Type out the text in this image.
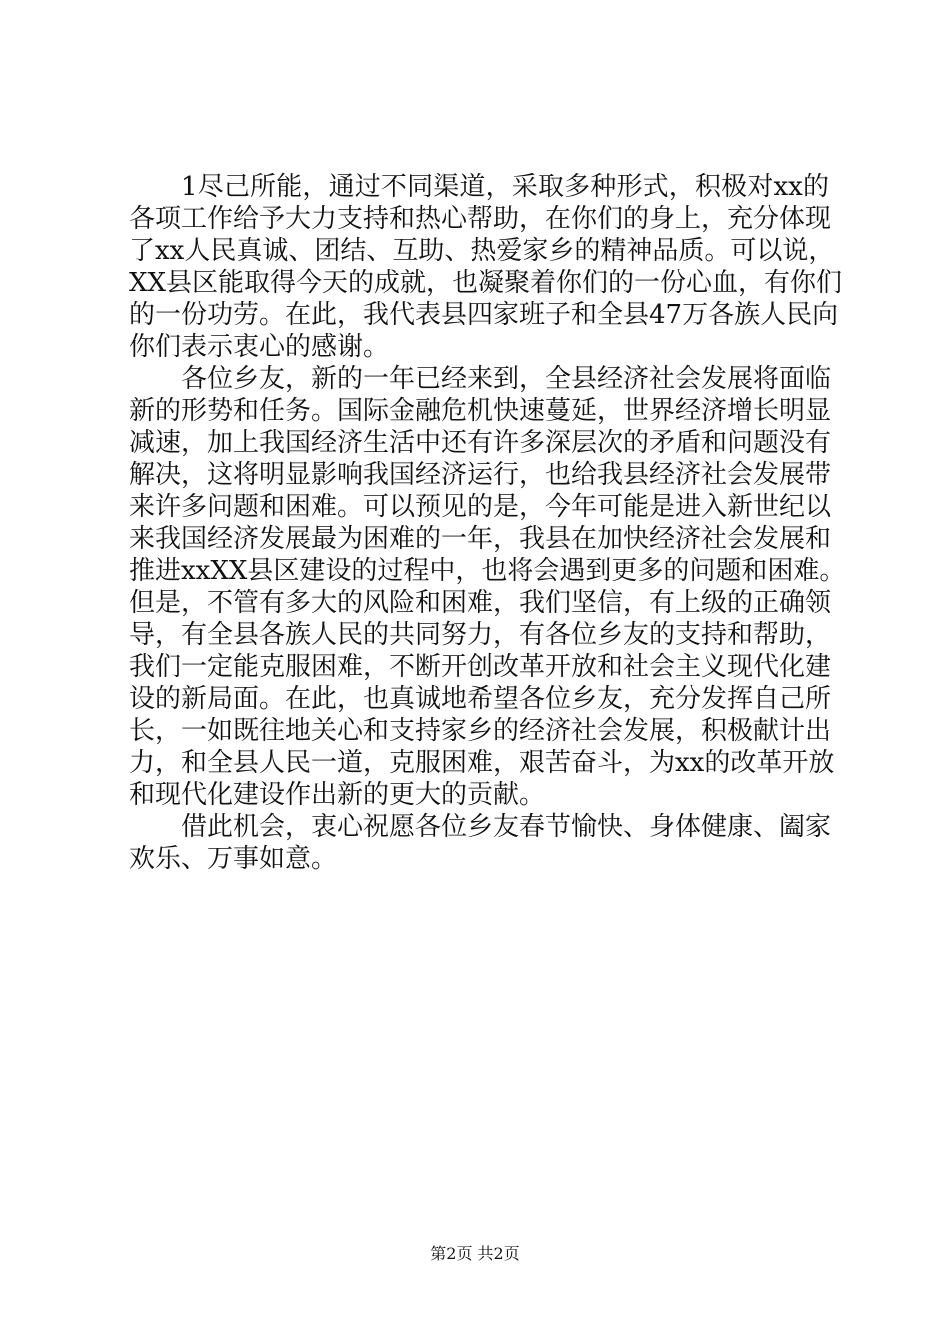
1尽己所能，通过不同渠道，采取多种形式，积极对xx的
各项工作给予大力支持和热心帮助，在你们的身上，充分体现
了xx人民真诚、团结、互助、热爱家乡的精神品质。可以说，
XX县区能取得今天的成就，也凝聚着你们的一份心血，有你们
的一份功劳。在此，我代表县四家班子和全县47万各族人民向
你们表示衷心的感谢。
各位乡友，新的一年已经来到，全县经济社会发展将面临
新的形势和任务。国际金融危机快速蔓延，世界经济增长明显
减速，加上我国经济生活中还有许多深层次的矛盾和问题没有
解决，这将明显影响我国经济运行，也给我县经济社会发展带
来许多问题和困难。可以预见的是，今年可能是进入新世纪以
来我国经济发展最为困难的一年，我县在加快经济社会发展和
推进xxXX县区建设的过程中，也将会遇到更多的问题和困难。
但是，不管有多大的风险和困难，我们坚信，有上级的正确领
导，有全县各族人民的共同努力，有各位乡友的支持和帮助，
我们一定能克服困难，不断开创改革开放和社会主义现代化建
设的新局面。在此，也真诚地希望各位乡友，充分发挥自己所
长，一如既往地关心和支持家乡的经济社会发展，积极献计出
力，和全县人民一道，克服困难，艰苦奋斗，为xx的改革开放
和现代化建设作出新的更大的贡献。
借此机会，衷心祝愿各位乡友春节愉快、身体健康、阖家
欢乐、万事如意。
第2页 共2页
